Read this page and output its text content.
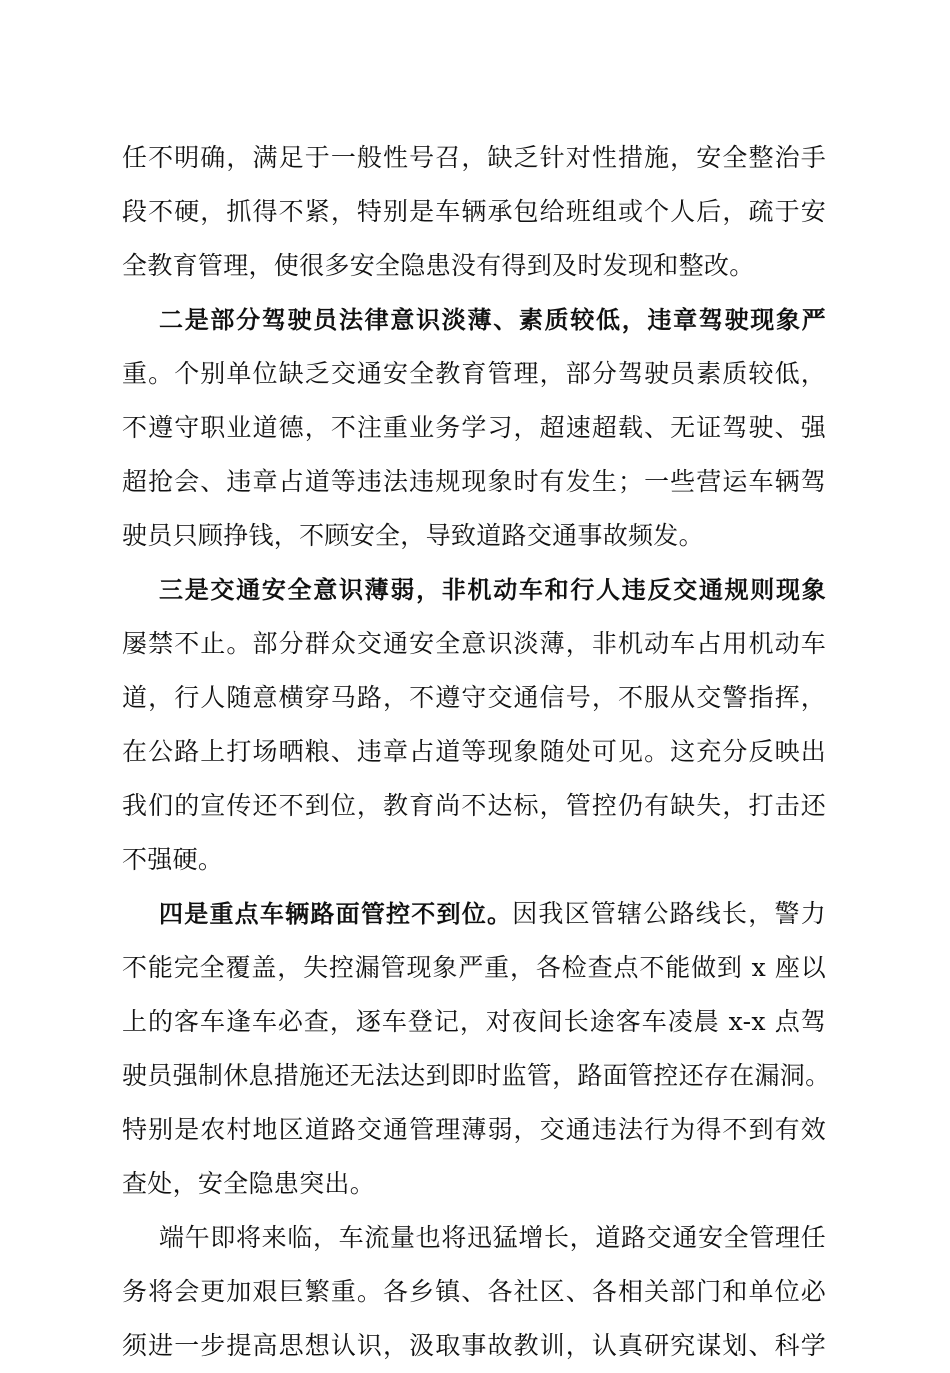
任不明确，满足于一般性号召，缺乏针对性措施，安全整治手
段不硬，抓得不紧，特别是车辆承包给班组或个人后，疏于安
全教育管理，使很多安全隐患没有得到及时发现和整改。
二是部分驾驶员法律意识淡薄、素质较低，违章驾驶现象严
重。个别单位缺乏交通安全教育管理，部分驾驶员素质较低，
不遵守职业道德，不注重业务学习，超速超载、无证驾驶、强
超抢会、违章占道等违法违规现象时有发生；一些营运车辆驾
驶员只顾挣钱，不顾安全，导致道路交通事故频发。
三是交通安全意识薄弱，非机动车和行人违反交通规则现象
屡禁不止。部分群众交通安全意识淡薄，非机动车占用机动车
道，行人随意横穿马路，不遵守交通信号，不服从交警指挥，
在公路上打场晒粮、违章占道等现象随处可见。这充分反映出
我们的宣传还不到位，教育尚不达标，管控仍有缺失，打击还
不强硬。
四是重点车辆路面管控不到位。因我区管辖公路线长，警力
不能完全覆盖，失控漏管现象严重，各检查点不能做到 x 座以
上的客车逢车必查，逐车登记，对夜间长途客车凌晨 x-x 点驾
驶员强制休息措施还无法达到即时监管，路面管控还存在漏洞。
特别是农村地区道路交通管理薄弱，交通违法行为得不到有效
查处，安全隐患突出。
端午即将来临，车流量也将迅猛增长，道路交通安全管理任
务将会更加艰巨繁重。各乡镇、各社区、各相关部门和单位必
须进一步提高思想认识，汲取事故教训，认真研究谋划、科学
